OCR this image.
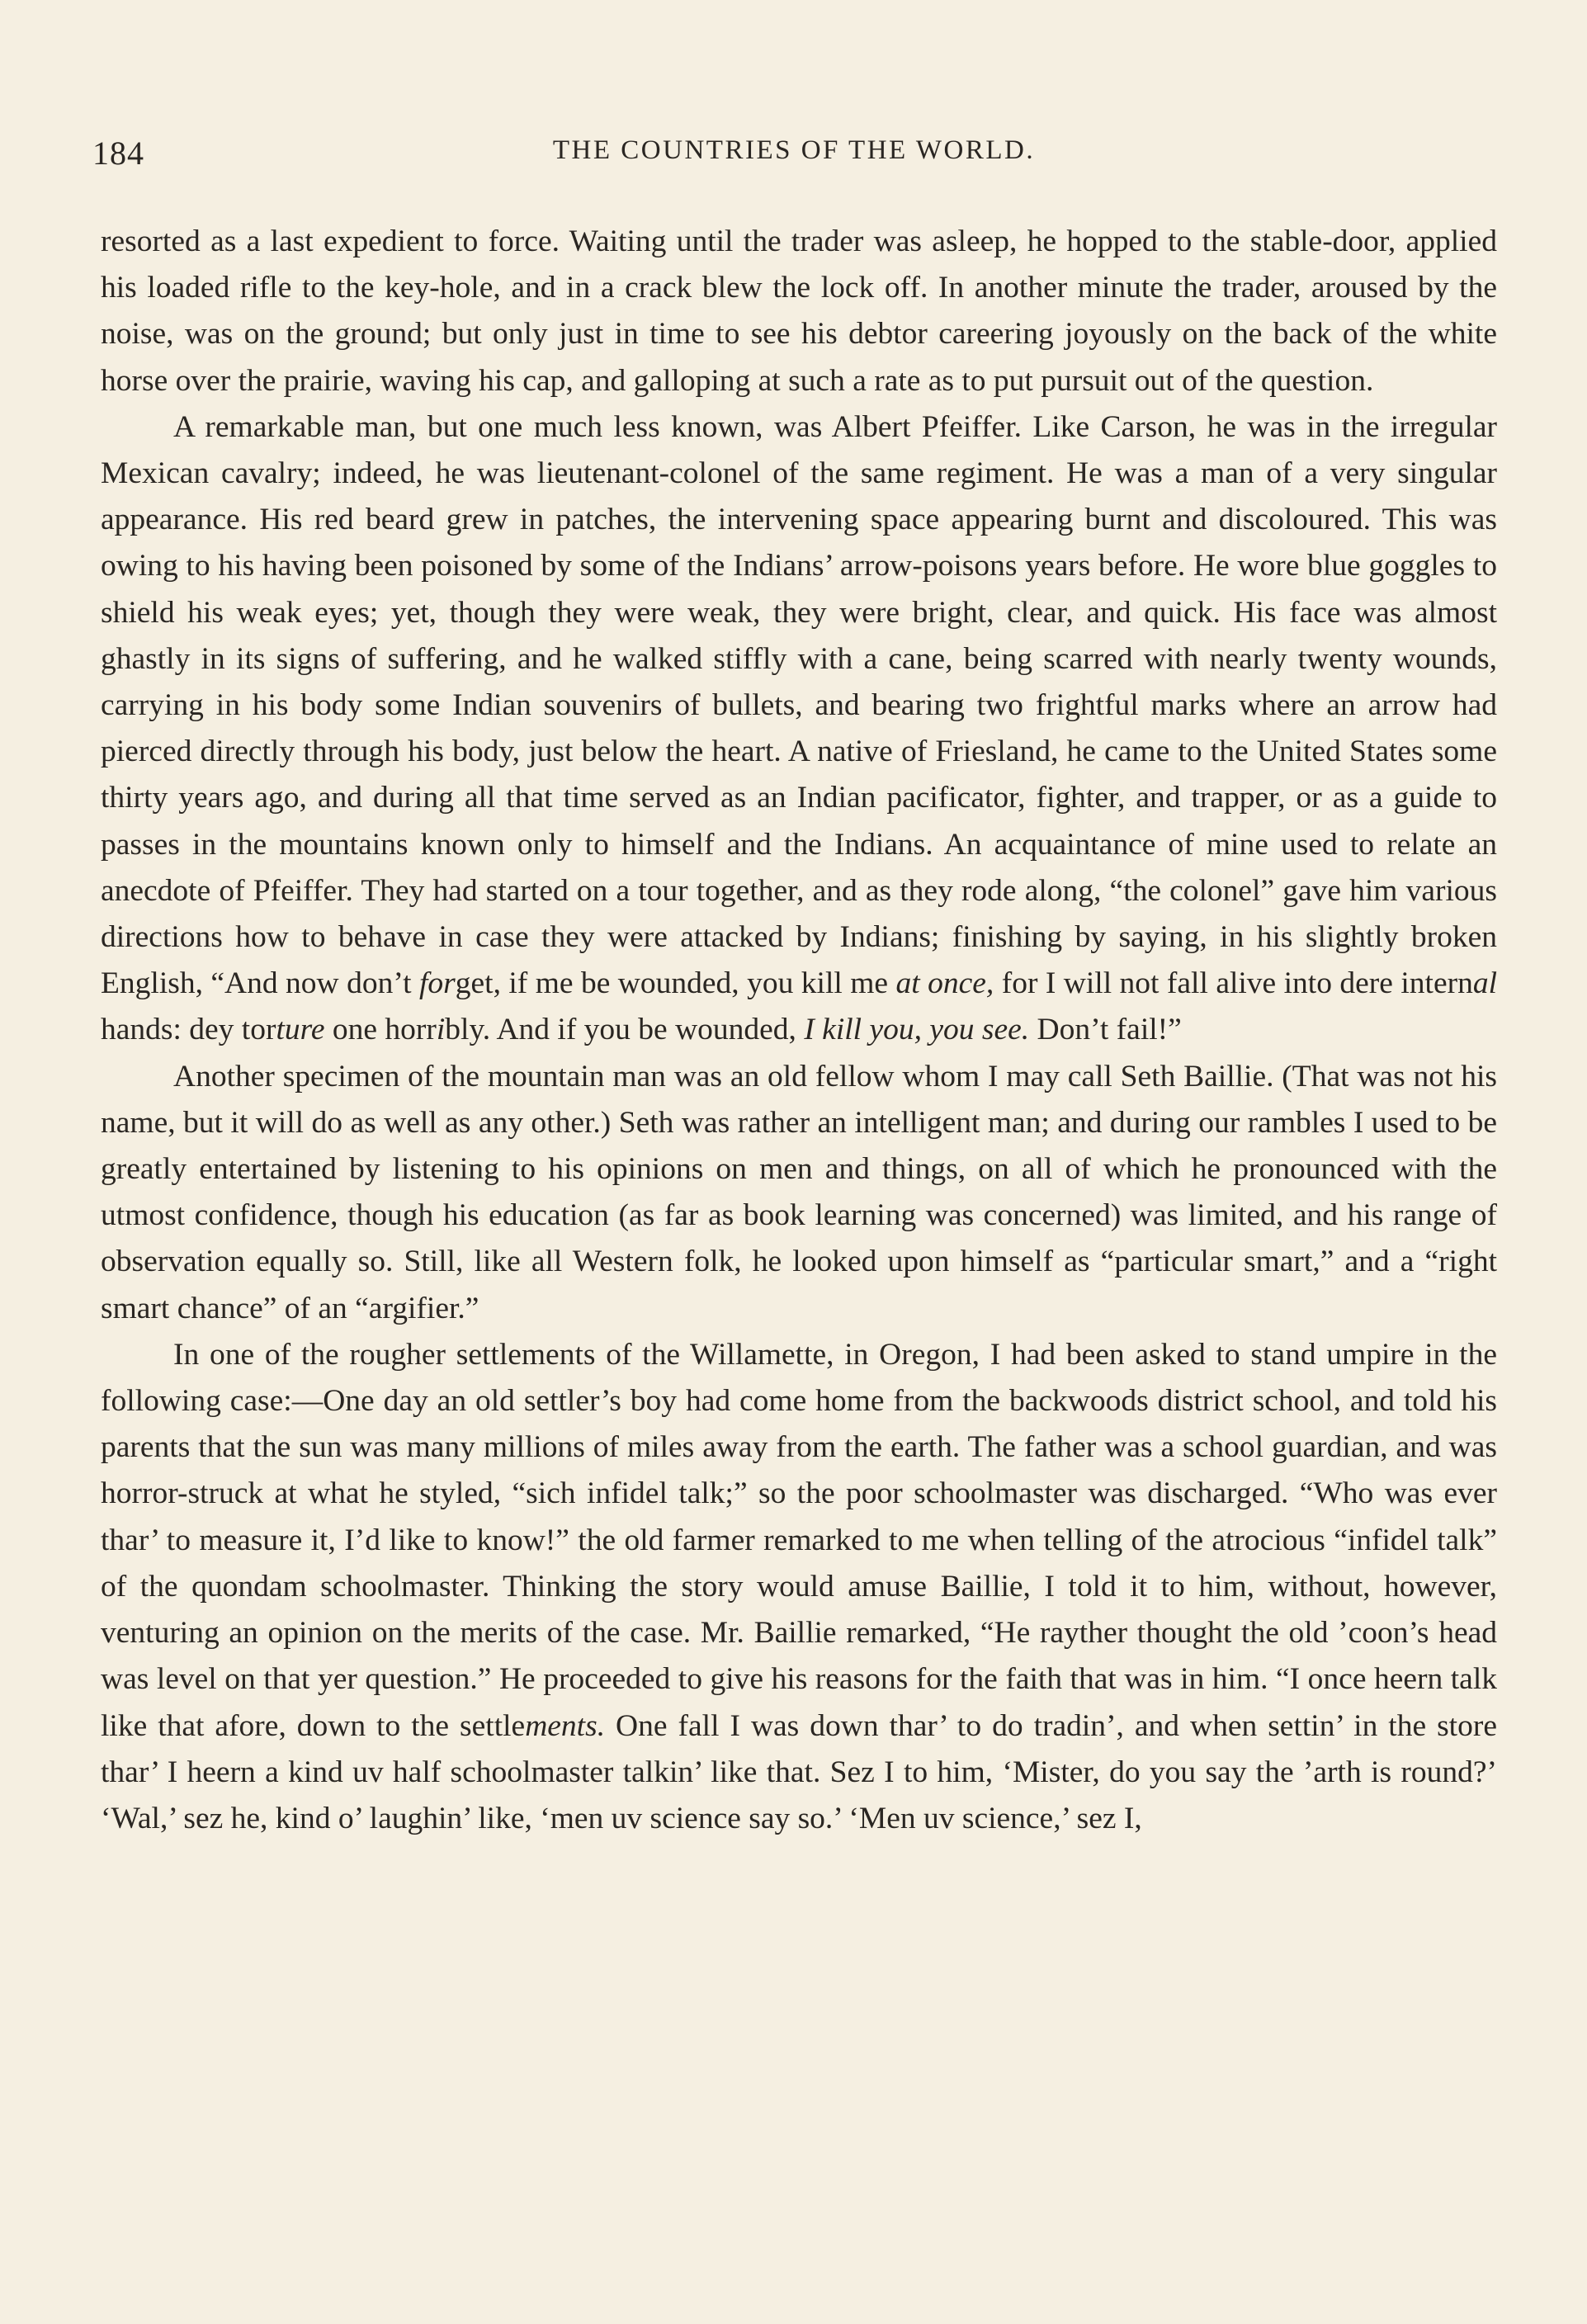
184	THE COUNTRIES OF THE WORLD.

resorted as a last expedient to force. Waiting until the trader was asleep, he hopped to the stable-door, applied his loaded rifle to the key-hole, and in a crack blew the lock off. In another minute the trader, aroused by the noise, was on the ground; but only just in time to see his debtor careering joyously on the back of the white horse over the prairie, waving his cap, and galloping at such a rate as to put pursuit out of the question.

A remarkable man, but one much less known, was Albert Pfeiffer. Like Carson, he was in the irregular Mexican cavalry; indeed, he was lieutenant-colonel of the same regiment. He was a man of a very singular appearance. His red beard grew in patches, the intervening space appearing burnt and discoloured. This was owing to his having been poisoned by some of the Indians’ arrow-poisons years before. He wore blue goggles to shield his weak eyes; yet, though they were weak, they were bright, clear, and quick. His face was almost ghastly in its signs of suffering, and he walked stiffly with a cane, being scarred with nearly twenty wounds, carrying in his body some Indian souvenirs of bullets, and bearing two frightful marks where an arrow had pierced directly through his body, just below the heart. A native of Friesland, he came to the United States some thirty years ago, and during all that time served as an Indian pacificator, fighter, and trapper, or as a guide to passes in the mountains known only to himself and the Indians. An acquaintance of mine used to relate an anecdote of Pfeiffer. They had started on a tour together, and as they rode along, “the colonel” gave him various directions how to behave in case they were attacked by Indians; finishing by saying, in his slightly broken English, “And now don’t forget, if me be wounded, you kill me at once, for I will not fall alive into dere internal hands: dey torture one horribly. And if you be wounded, I kill you, you see. Don’t fail!”

Another specimen of the mountain man was an old fellow whom I may call Seth Baillie. (That was not his name, but it will do as well as any other.) Seth was rather an intelligent man; and during our rambles I used to be greatly entertained by listening to his opinions on men and things, on all of which he pronounced with the utmost confidence, though his education (as far as book learning was concerned) was limited, and his range of observation equally so. Still, like all Western folk, he looked upon himself as “particular smart,” and a “right smart chance” of an “argifier.”

In one of the rougher settlements of the Willamette, in Oregon, I had been asked to stand umpire in the following case:—One day an old settler’s boy had come home from the backwoods district school, and told his parents that the sun was many millions of miles away from the earth. The father was a school guardian, and was horror-struck at what he styled, “sich infidel talk;” so the poor schoolmaster was discharged. “Who was ever thar’ to measure it, I’d like to know!” the old farmer remarked to me when telling of the atrocious “infidel talk” of the quondam schoolmaster. Thinking the story would amuse Baillie, I told it to him, without, however, venturing an opinion on the merits of the case. Mr. Baillie remarked, “He rayther thought the old ’coon’s head was level on that yer question.” He proceeded to give his reasons for the faith that was in him. “I once heern talk like that afore, down to the settlements. One fall I was down thar’ to do tradin’, and when settin’ in the store thar’ I heern a kind uv half schoolmaster talkin’ like that. Sez I to him, ‘Mister, do you say the ’arth is round?’ ‘Wal,’ sez he, kind o’ laughin’ like, ‘men uv science say so.’ ‘Men uv science,’ sez I,
